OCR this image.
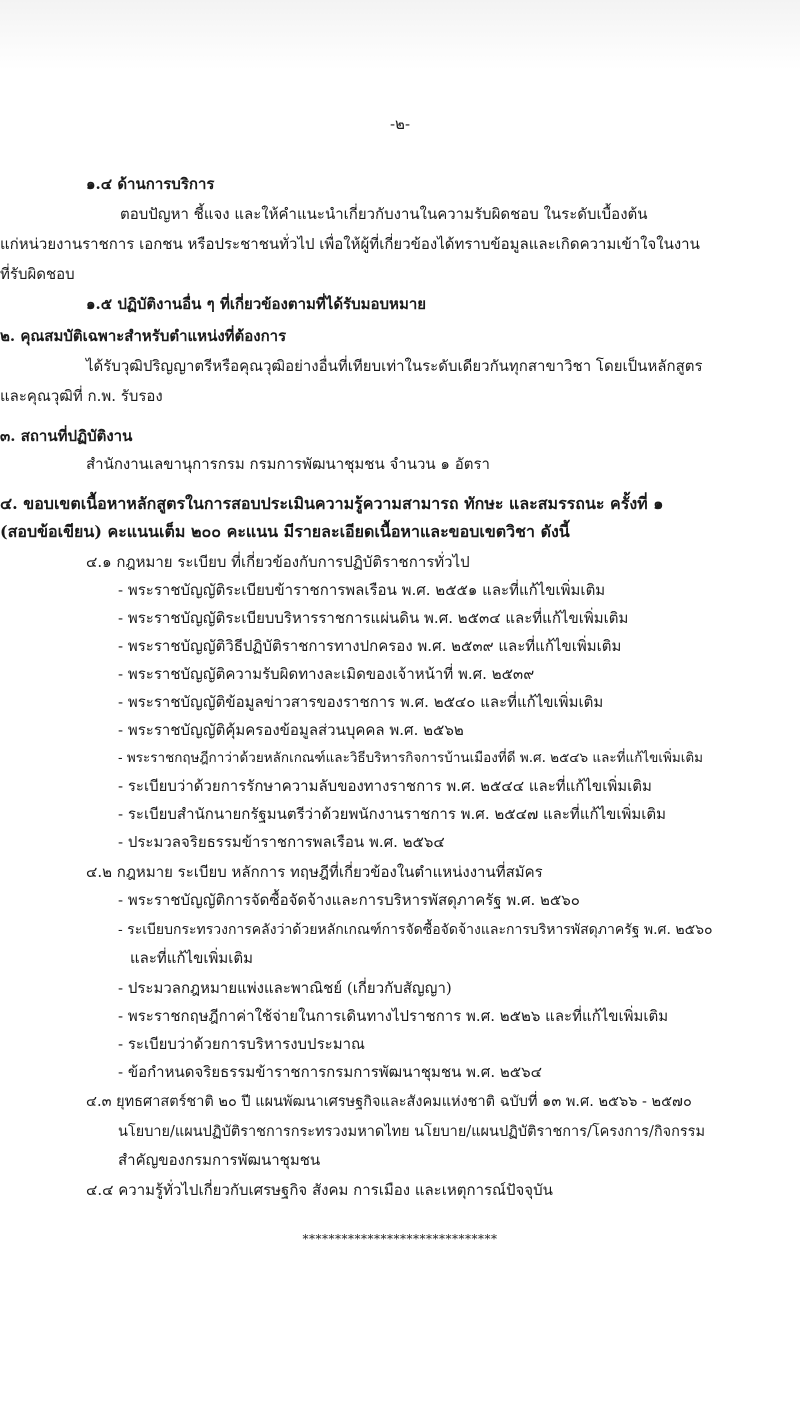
-๒-
๑.๔ ด้านการบริการ
ตอบปัญหา ชี้แจง และให้คำแนะนำเกี่ยวกับงานในความรับผิดชอบ ในระดับเบื้องต้น
แก่หน่วยงานราชการ เอกชน หรือประชาชนทั่วไป เพื่อให้ผู้ที่เกี่ยวข้องได้ทราบข้อมูลและเกิดความเข้าใจในงาน
ที่รับผิดชอบ
๑.๕ ปฏิบัติงานอื่น ๆ ที่เกี่ยวข้องตามที่ได้รับมอบหมาย
๒. คุณสมบัติเฉพาะสำหรับตำแหน่งที่ต้องการ
ได้รับวุฒิปริญญาตรีหรือคุณวุฒิอย่างอื่นที่เทียบเท่าในระดับเดียวกันทุกสาขาวิชา โดยเป็นหลักสูตร
และคุณวุฒิที่ ก.พ. รับรอง
๓. สถานที่ปฏิบัติงาน
สำนักงานเลขานุการกรม กรมการพัฒนาชุมชน จำนวน ๑ อัตรา
๔. ขอบเขตเนื้อหาหลักสูตรในการสอบประเมินความรู้ความสามารถ ทักษะ และสมรรถนะ ครั้งที่ ๑
(สอบข้อเขียน) คะแนนเต็ม ๒๐๐ คะแนน มีรายละเอียดเนื้อหาและขอบเขตวิชา ดังนี้
๔.๑ กฎหมาย ระเบียบ ที่เกี่ยวข้องกับการปฏิบัติราชการทั่วไป
- พระราชบัญญัติระเบียบข้าราชการพลเรือน พ.ศ. ๒๕๕๑ และที่แก้ไขเพิ่มเติม
- พระราชบัญญัติระเบียบบริหารราชการแผ่นดิน พ.ศ. ๒๕๓๔ และที่แก้ไขเพิ่มเติม
- พระราชบัญญัติวิธีปฏิบัติราชการทางปกครอง พ.ศ. ๒๕๓๙ และที่แก้ไขเพิ่มเติม
- พระราชบัญญัติความรับผิดทางละเมิดของเจ้าหน้าที่ พ.ศ. ๒๕๓๙
- พระราชบัญญัติข้อมูลข่าวสารของราชการ พ.ศ. ๒๕๔๐ และที่แก้ไขเพิ่มเติม
- พระราชบัญญัติคุ้มครองข้อมูลส่วนบุคคล พ.ศ. ๒๕๖๒
- พระราชกฤษฎีกาว่าด้วยหลักเกณฑ์และวิธีบริหารกิจการบ้านเมืองที่ดี พ.ศ. ๒๕๔๖ และที่แก้ไขเพิ่มเติม
- ระเบียบว่าด้วยการรักษาความลับของทางราชการ พ.ศ. ๒๕๔๔ และที่แก้ไขเพิ่มเติม
- ระเบียบสำนักนายกรัฐมนตรีว่าด้วยพนักงานราชการ พ.ศ. ๒๕๔๗ และที่แก้ไขเพิ่มเติม
- ประมวลจริยธรรมข้าราชการพลเรือน พ.ศ. ๒๕๖๔
๔.๒ กฎหมาย ระเบียบ หลักการ ทฤษฎีที่เกี่ยวข้องในตำแหน่งงานที่สมัคร
- พระราชบัญญัติการจัดซื้อจัดจ้างและการบริหารพัสดุภาครัฐ พ.ศ. ๒๕๖๐
- ระเบียบกระทรวงการคลังว่าด้วยหลักเกณฑ์การจัดซื้อจัดจ้างและการบริหารพัสดุภาครัฐ พ.ศ. ๒๕๖๐
และที่แก้ไขเพิ่มเติม
- ประมวลกฎหมายแพ่งและพาณิชย์ (เกี่ยวกับสัญญา)
- พระราชกฤษฎีกาค่าใช้จ่ายในการเดินทางไปราชการ พ.ศ. ๒๕๒๖ และที่แก้ไขเพิ่มเติม
- ระเบียบว่าด้วยการบริหารงบประมาณ
- ข้อกำหนดจริยธรรมข้าราชการกรมการพัฒนาชุมชน พ.ศ. ๒๕๖๔
๔.๓ ยุทธศาสตร์ชาติ ๒๐ ปี แผนพัฒนาเศรษฐกิจและสังคมแห่งชาติ ฉบับที่ ๑๓ พ.ศ. ๒๕๖๖ - ๒๕๗๐
นโยบาย/แผนปฏิบัติราชการกระทรวงมหาดไทย นโยบาย/แผนปฏิบัติราชการ/โครงการ/กิจกรรม
สำคัญของกรมการพัฒนาชุมชน
๔.๔ ความรู้ทั่วไปเกี่ยวกับเศรษฐกิจ สังคม การเมือง และเหตุการณ์ปัจจุบัน
******************************
